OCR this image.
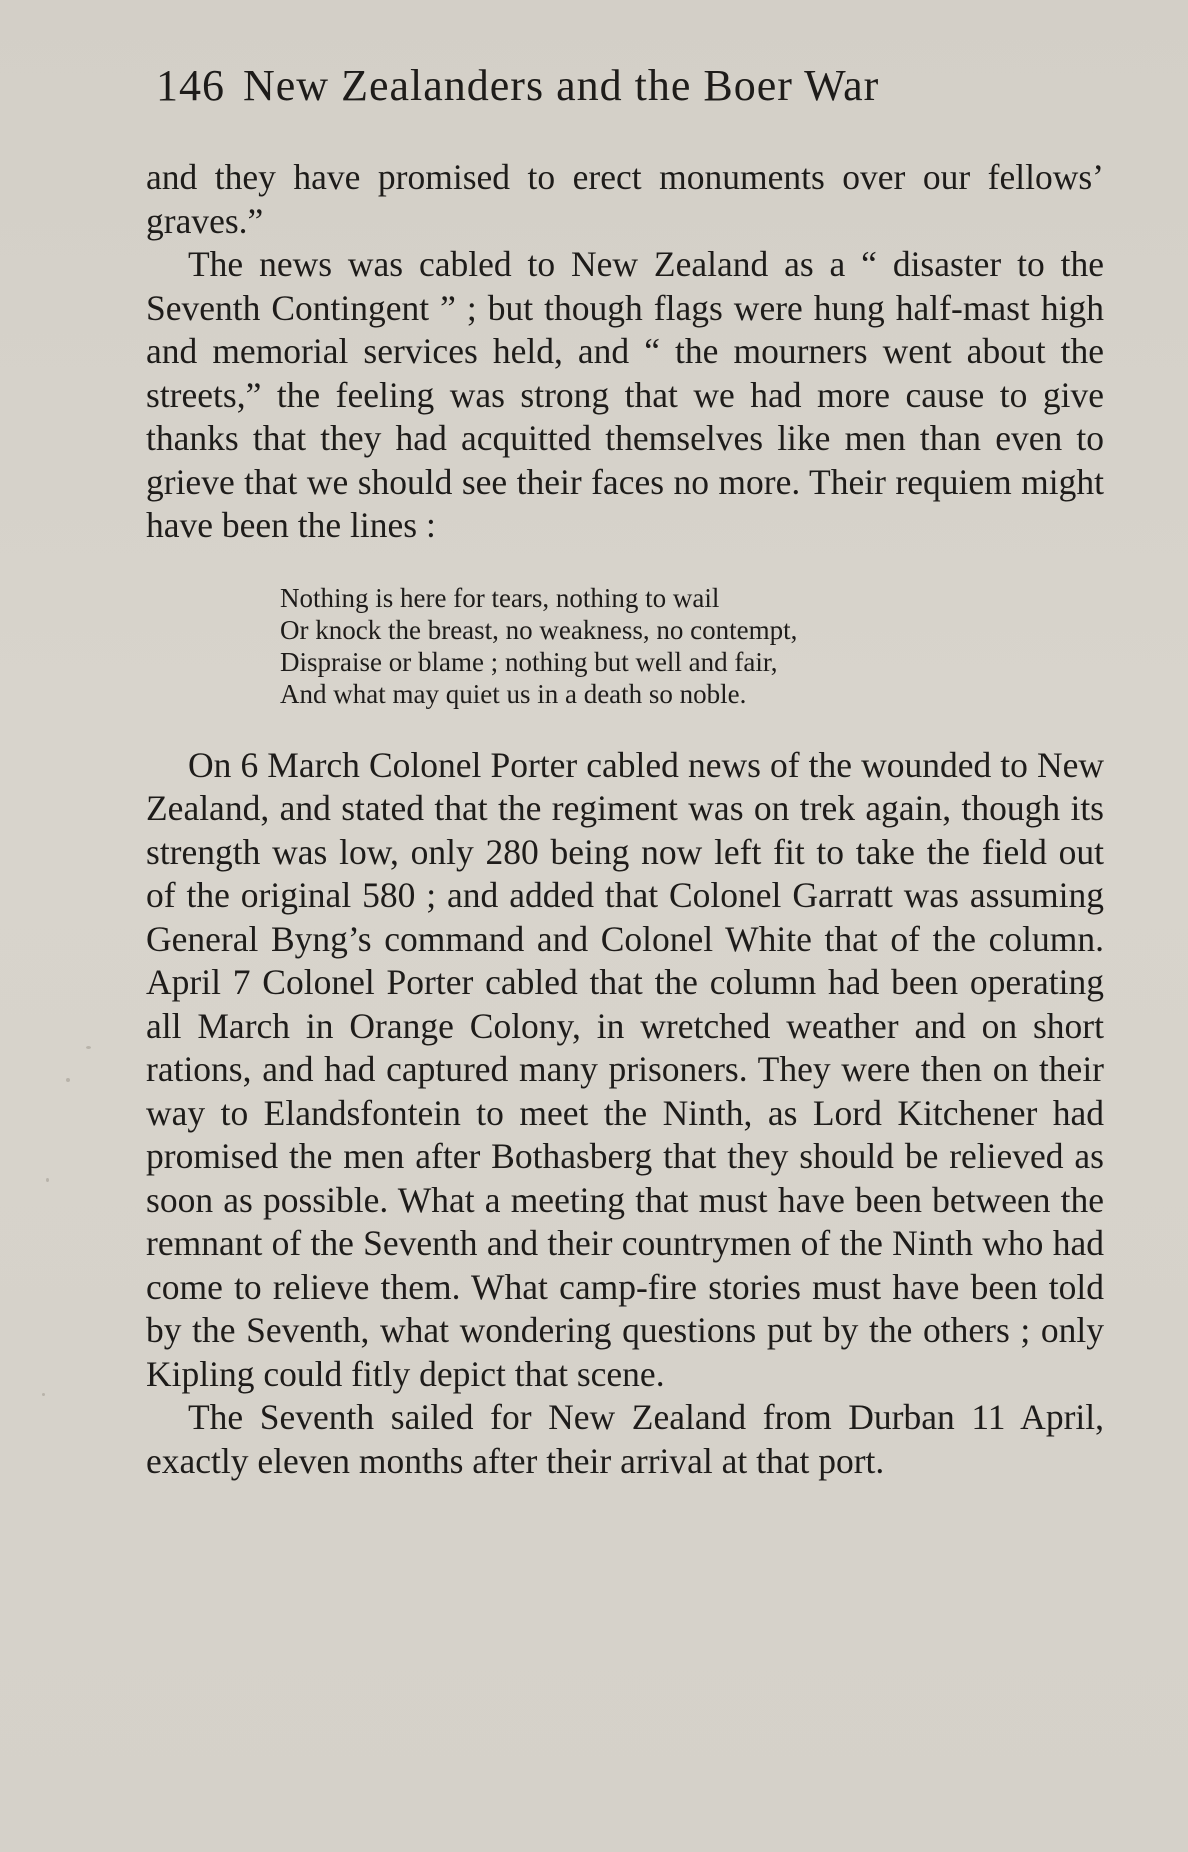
146 New Zealanders and the Boer War

and they have promised to erect monuments over our fellows’ graves.”

The news was cabled to New Zealand as a “ disaster to the Seventh Contingent ” ; but though flags were hung half-mast high and memorial services held, and “ the mourners went about the streets,” the feeling was strong that we had more cause to give thanks that they had acquitted themselves like men than even to grieve that we should see their faces no more. Their requiem might have been the lines :

Nothing is here for tears, nothing to wail
Or knock the breast, no weakness, no contempt,
Dispraise or blame ; nothing but well and fair,
And what may quiet us in a death so noble.

On 6 March Colonel Porter cabled news of the wounded to New Zealand, and stated that the regiment was on trek again, though its strength was low, only 280 being now left fit to take the field out of the original 580 ; and added that Colonel Garratt was assuming General Byng’s command and Colonel White that of the column. April 7 Colonel Porter cabled that the column had been operating all March in Orange Colony, in wretched weather and on short rations, and had captured many prisoners. They were then on their way to Elandsfontein to meet the Ninth, as Lord Kitchener had promised the men after Bothasberg that they should be relieved as soon as possible. What a meeting that must have been between the remnant of the Seventh and their countrymen of the Ninth who had come to relieve them. What camp-fire stories must have been told by the Seventh, what wondering questions put by the others ; only Kipling could fitly depict that scene.

The Seventh sailed for New Zealand from Durban 11 April, exactly eleven months after their arrival at that port.
